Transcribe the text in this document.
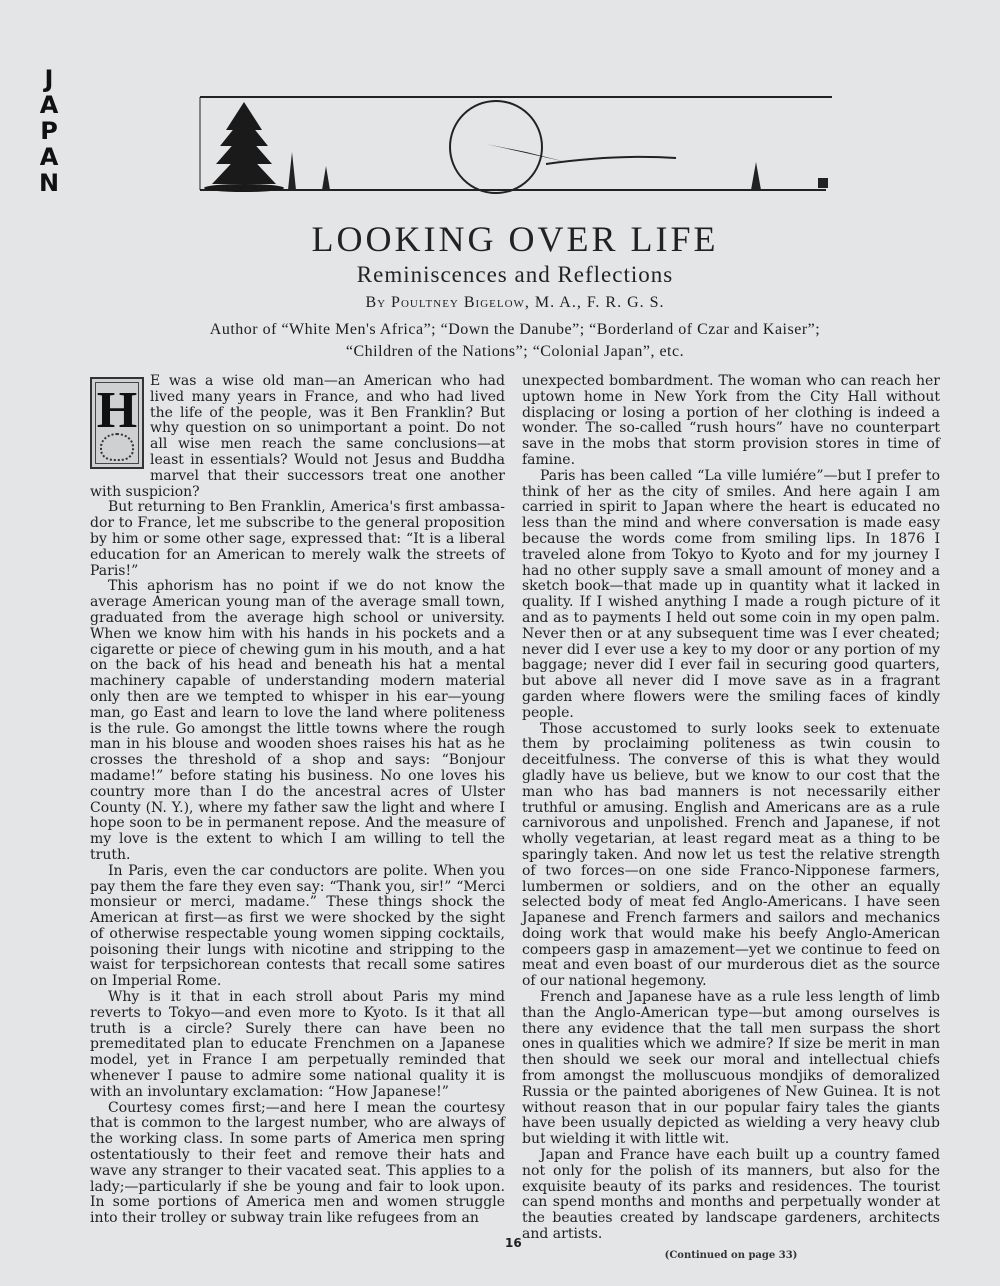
J
A
P
A
N
LOOKING OVER LIFE
Reminiscences and Reflections
By Poultney Bigelow, M. A., F. R. G. S.
Author of “White Men's Africa”; “Down the Danube”; “Borderland of Czar and Kaiser”;
“Children of the Nations”; “Colonial Japan”, etc.
H

E was a wise old man—an American who had lived many years in France, and who had lived the life of the people, was it Ben Franklin? But why question on so unimportant a point. Do not all wise men reach the same conclusions—at least in essentials? Would not Jesus and Buddha marvel that their successors treat one another with suspicion?

But returning to Ben Franklin, America's first ambassador to France, let me subscribe to the general proposition by him or some other sage, expressed that: “It is a liberal education for an American to merely walk the streets of Paris!”

This aphorism has no point if we do not know the average American young man of the average small town, graduated from the average high school or university. When we know him with his hands in his pockets and a cigarette or piece of chewing gum in his mouth, and a hat on the back of his head and beneath his hat a mental machinery capable of understanding modern material only then are we tempted to whisper in his ear—young man, go East and learn to love the land where politeness is the rule. Go amongst the little towns where the rough man in his blouse and wooden shoes raises his hat as he crosses the threshold of a shop and says: “Bonjour madame!” before stating his business. No one loves his country more than I do the ancestral acres of Ulster County (N. Y.), where my father saw the light and where I hope soon to be in permanent repose. And the measure of my love is the extent to which I am willing to tell the truth.

In Paris, even the car conductors are polite. When you pay them the fare they even say: “Thank you, sir!” “Merci monsieur or merci, madame.” These things shock the American at first—as first we were shocked by the sight of otherwise respectable young women sipping cocktails, poisoning their lungs with nicotine and stripping to the waist for terpsichorean contests that recall some satires on Imperial Rome.

Why is it that in each stroll about Paris my mind reverts to Tokyo—and even more to Kyoto. Is it that all truth is a circle? Surely there can have been no premeditated plan to educate Frenchmen on a Japanese model, yet in France I am perpetually reminded that whenever I pause to admire some national quality it is with an involuntary exclamation: “How Japanese!”

Courtesy comes first;—and here I mean the courtesy that is common to the largest number, who are always of the working class. In some parts of America men spring ostentatiously to their feet and remove their hats and wave any stranger to their vacated seat. This applies to a lady;—particularly if she be young and fair to look upon. In some portions of America men and women struggle into their trolley or subway train like refugees from an

unexpected bombardment. The woman who can reach her uptown home in New York from the City Hall without displacing or losing a portion of her clothing is indeed a wonder. The so-called “rush hours” have no counterpart save in the mobs that storm provision stores in time of famine.

Paris has been called “La ville lumiére”—but I prefer to think of her as the city of smiles. And here again I am carried in spirit to Japan where the heart is educated no less than the mind and where conversation is made easy because the words come from smiling lips. In 1876 I traveled alone from Tokyo to Kyoto and for my journey I had no other supply save a small amount of money and a sketch book—that made up in quantity what it lacked in quality. If I wished anything I made a rough picture of it and as to payments I held out some coin in my open palm. Never then or at any subsequent time was I ever cheated; never did I ever use a key to my door or any portion of my baggage; never did I ever fail in securing good quarters, but above all never did I move save as in a fragrant garden where flowers were the smiling faces of kindly people.

Those accustomed to surly looks seek to extenuate them by proclaiming politeness as twin cousin to deceitfulness. The converse of this is what they would gladly have us believe, but we know to our cost that the man who has bad manners is not necessarily either truthful or amusing. English and Americans are as a rule carnivorous and unpolished. French and Japanese, if not wholly vegetarian, at least regard meat as a thing to be sparingly taken. And now let us test the relative strength of two forces—on one side Franco-Nipponese farmers, lumbermen or soldiers, and on the other an equally selected body of meat fed Anglo-Americans. I have seen Japanese and French farmers and sailors and mechanics doing work that would make his beefy Anglo-American compeers gasp in amazement—yet we continue to feed on meat and even boast of our murderous diet as the source of our national hegemony.

French and Japanese have as a rule less length of limb than the Anglo-American type—but among ourselves is there any evidence that the tall men surpass the short ones in qualities which we admire? If size be merit in man then should we seek our moral and intellectual chiefs from amongst the molluscuous mondjiks of demoralized Russia or the painted aborigenes of New Guinea. It is not without reason that in our popular fairy tales the giants have been usually depicted as wielding a very heavy club but wielding it with little wit.

Japan and France have each built up a country famed not only for the polish of its manners, but also for the exquisite beauty of its parks and residences. The tourist can spend months and months and perpetually wonder at the beauties created by landscape gardeners, architects and artists.

(Continued on page 33)
16
